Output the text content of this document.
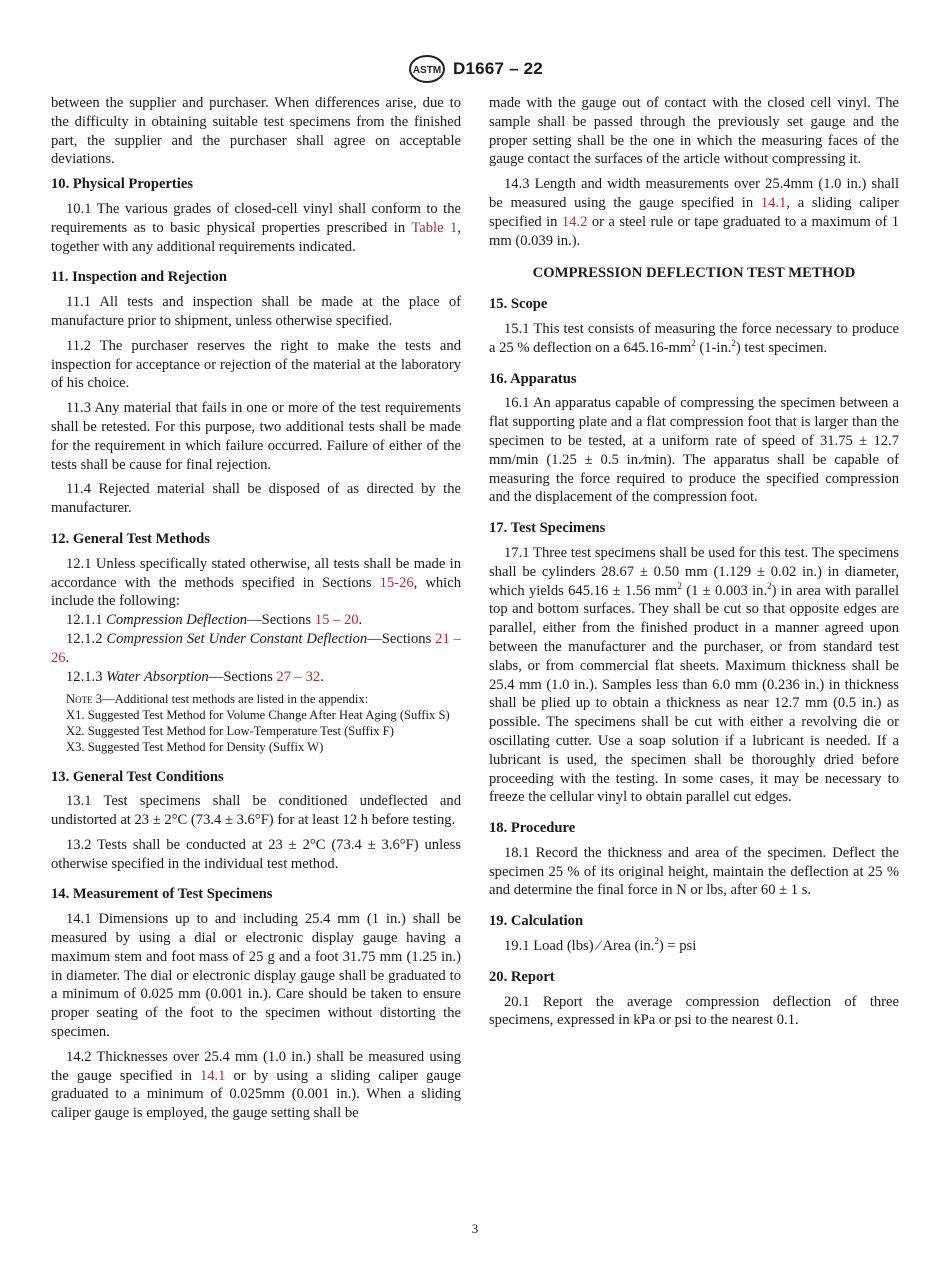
ASTM D1667 – 22

between the supplier and purchaser. When differences arise, due to the difficulty in obtaining suitable test specimens from the finished part, the supplier and the purchaser shall agree on acceptable deviations.

10. Physical Properties

10.1 The various grades of closed-cell vinyl shall conform to the requirements as to basic physical properties prescribed in Table 1, together with any additional requirements indicated.

11. Inspection and Rejection

11.1 All tests and inspection shall be made at the place of manufacture prior to shipment, unless otherwise specified.

11.2 The purchaser reserves the right to make the tests and inspection for acceptance or rejection of the material at the laboratory of his choice.

11.3 Any material that fails in one or more of the test requirements shall be retested. For this purpose, two additional tests shall be made for the requirement in which failure occurred. Failure of either of the tests shall be cause for final rejection.

11.4 Rejected material shall be disposed of as directed by the manufacturer.

12. General Test Methods

12.1 Unless specifically stated otherwise, all tests shall be made in accordance with the methods specified in Sections 15-26, which include the following:

12.1.1 Compression Deflection—Sections 15 – 20.

12.1.2 Compression Set Under Constant Deflection—Sections 21 – 26.

12.1.3 Water Absorption—Sections 27 – 32.

Note 3—Additional test methods are listed in the appendix:

X1. Suggested Test Method for Volume Change After Heat Aging (Suffix S)

X2. Suggested Test Method for Low-Temperature Test (Suffix F)

X3. Suggested Test Method for Density (Suffix W)

13. General Test Conditions

13.1 Test specimens shall be conditioned undeflected and undistorted at 23 ± 2°C (73.4 ± 3.6°F) for at least 12 h before testing.

13.2 Tests shall be conducted at 23 ± 2°C (73.4 ± 3.6°F) unless otherwise specified in the individual test method.

14. Measurement of Test Specimens

14.1 Dimensions up to and including 25.4 mm (1 in.) shall be measured by using a dial or electronic display gauge having a maximum stem and foot mass of 25 g and a foot 31.75 mm (1.25 in.) in diameter. The dial or electronic display gauge shall be graduated to a minimum of 0.025 mm (0.001 in.). Care should be taken to ensure proper seating of the foot to the specimen without distorting the specimen.

14.2 Thicknesses over 25.4 mm (1.0 in.) shall be measured using the gauge specified in 14.1 or by using a sliding caliper gauge graduated to a minimum of 0.025mm (0.001 in.). When a sliding caliper gauge is employed, the gauge setting shall be

made with the gauge out of contact with the closed cell vinyl. The sample shall be passed through the previously set gauge and the proper setting shall be the one in which the measuring faces of the gauge contact the surfaces of the article without compressing it.

14.3 Length and width measurements over 25.4mm (1.0 in.) shall be measured using the gauge specified in 14.1, a sliding caliper specified in 14.2 or a steel rule or tape graduated to a maximum of 1 mm (0.039 in.).

COMPRESSION DEFLECTION TEST METHOD

15. Scope

15.1 This test consists of measuring the force necessary to produce a 25 % deflection on a $645.16-mm^2$ (1-in.$^2$) test specimen.

16. Apparatus

16.1 An apparatus capable of compressing the specimen between a flat supporting plate and a flat compression foot that is larger than the specimen to be tested, at a uniform rate of speed of 31.75 ± 12.7 mm/min (1.25 ± 0.5 in.⁄min). The apparatus shall be capable of measuring the force required to produce the specified compression and the displacement of the compression foot.

17. Test Specimens

17.1 Three test specimens shall be used for this test. The specimens shall be cylinders 28.67 ± 0.50 mm (1.129 ± 0.02 in.) in diameter, which yields 645.16 ± 1.56 $mm^2$ (1 ± 0.003 in.$^2$) in area with parallel top and bottom surfaces. They shall be cut so that opposite edges are parallel, either from the finished product in a manner agreed upon between the manufacturer and the purchaser, or from standard test slabs, or from commercial flat sheets. Maximum thickness shall be 25.4 mm (1.0 in.). Samples less than 6.0 mm (0.236 in.) in thickness shall be plied up to obtain a thickness as near 12.7 mm (0.5 in.) as possible. The specimens shall be cut with either a revolving die or oscillating cutter. Use a soap solution if a lubricant is needed. If a lubricant is used, the specimen shall be thoroughly dried before proceeding with the testing. In some cases, it may be necessary to freeze the cellular vinyl to obtain parallel cut edges.

18. Procedure

18.1 Record the thickness and area of the specimen. Deflect the specimen 25 % of its original height, maintain the deflection at 25 % and determine the final force in N or lbs, after 60 ± 1 s.

19. Calculation

19.1 Load (lbs) ⁄ Area (in.$^2$) = psi

20. Report

20.1 Report the average compression deflection of three specimens, expressed in kPa or psi to the nearest 0.1.

3
